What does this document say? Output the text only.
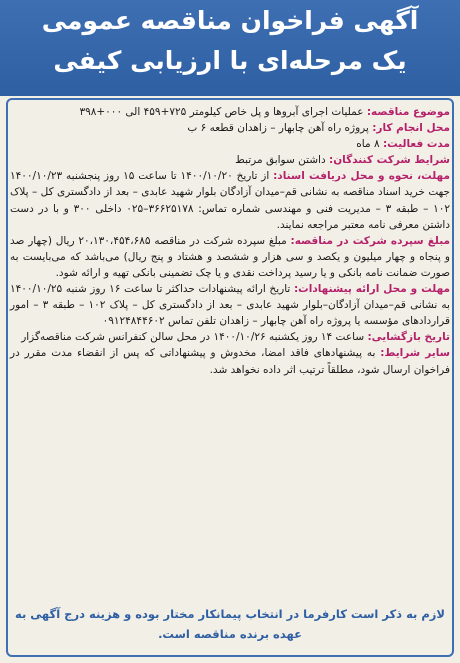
آگهی فراخوان مناقصه عمومی
یک مرحله‌ای با ارزیابی کیفی

موضوع مناقصه: عملیات اجرای آبروها و پل خاص کیلومتر ۷۲۵+۴۵۹ الی ۰۰۰+۳۹۸

محل انجام کار: پروژه راه آهن چابهار – زاهدان قطعه ۶ ب

مدت فعالیت: ۸ ماه

شرایط شرکت کنندگان: داشتن سوابق مرتبط

مهلت، نحوه و محل دریافت اسناد: از تاریخ ۱۴۰۰/۱۰/۲۰ تا ساعت ۱۵ روز پنجشنبه ۱۴۰۰/۱۰/۲۳ جهت خرید اسناد مناقصه به نشانی قم–میدان آزادگان بلوار شهید عابدی – بعد از دادگستری کل – پلاک ۱۰۲ – طبقه ۳ – مدیریت فنی و مهندسی شماره تماس: ۳۶۶۲۵۱۷۸–۰۲۵ داخلی ۳۰۰ و با در دست داشتن معرفی نامه معتبر مراجعه نمایند.

مبلغ سپرده شرکت در مناقصه: مبلغ سپرده شرکت در مناقصه ۲۰،۱۳۰،۴۵۴،۶۸۵ ریال (چهار صد و پنجاه و چهار میلیون و یکصد و سی هزار و ششصد و هشتاد و پنج ریال) می‌باشد که می‌بایست به صورت ضمانت نامه بانکی و یا رسید پرداخت نقدی و یا چک تضمینی بانکی تهیه و ارائه شود.

مهلت و محل ارائه پیشنهادات: تاریخ ارائه پیشنهادات حداکثر تا ساعت ۱۶ روز شنبه ۱۴۰۰/۱۰/۲۵ به نشانی قم–میدان آزادگان–بلوار شهید عابدی – بعد از دادگستری کل – پلاک ۱۰۲ – طبقه ۳ – امور قراردادهای مؤسسه یا پروژه راه آهن چابهار – زاهدان تلفن تماس ۰۹۱۲۴۸۴۴۶۰۲

تاریخ بازگشایی: ساعت ۱۴ روز یکشنبه ۱۴۰۰/۱۰/۲۶ در محل سالن کنفرانس شرکت مناقصه‌گزار

سایر شرایط: به پیشنهادهای فاقد امضا، مخدوش و پیشنهاداتی که پس از انقضاء مدت مقرر در فراخوان ارسال شود، مطلقاً ترتیب اثر داده نخواهد شد.

لازم به ذکر است کارفرما در انتخاب پیمانکار مختار بوده و هزینه درج آگهی به عهده برنده مناقصه است.
